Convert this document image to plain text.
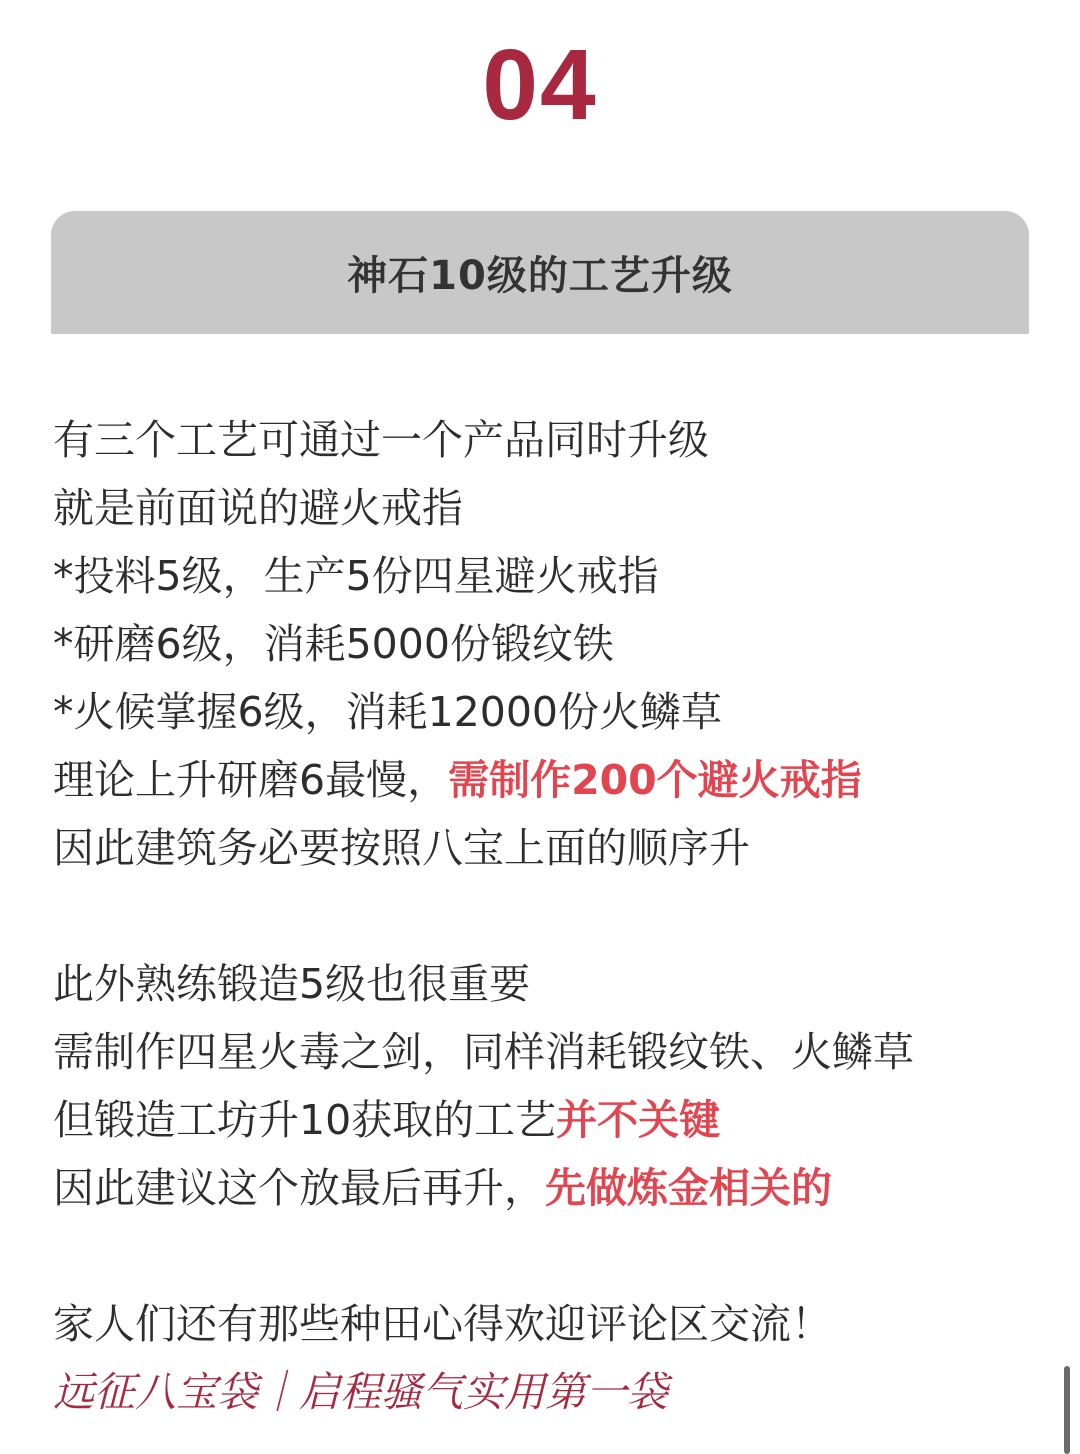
04
神石10级的工艺升级
有三个工艺可通过一个产品同时升级
就是前面说的避火戒指
*投料5级，生产5份四星避火戒指
*研磨6级，消耗5000份锻纹铁
*火候掌握6级，消耗12000份火鳞草
理论上升研磨6最慢，需制作200个避火戒指
因此建筑务必要按照八宝上面的顺序升
此外熟练锻造5级也很重要
需制作四星火毒之剑，同样消耗锻纹铁、火鳞草
但锻造工坊升10获取的工艺并不关键
因此建议这个放最后再升，先做炼金相关的
家人们还有那些种田心得欢迎评论区交流！
远征八宝袋｜启程骚气实用第一袋
